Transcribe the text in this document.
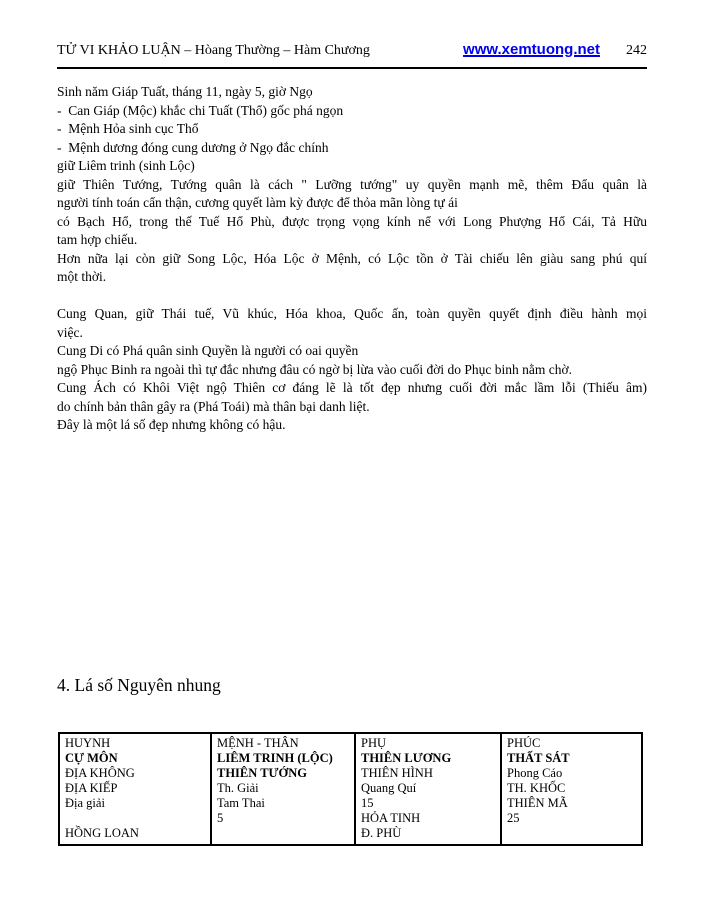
TỬ VI KHẢO LUẬN – Hòang Thường – Hàm Chương	www.xemtuong.net 242
Sinh năm Giáp Tuất, tháng 11, ngày 5, giờ Ngọ
-  Can Giáp (Mộc) khắc chi Tuất (Thổ) gốc phá ngọn
-  Mệnh Hỏa sinh cục Thổ
-  Mệnh dương đóng cung dương ở Ngọ đắc chính
giữ Liêm trinh (sinh Lộc)
giữ Thiên Tướng, Tướng quân là cách " Lưỡng tướng" uy quyền mạnh mẽ, thêm Đẩu quân là
người tính toán cẩn thận, cương quyết làm kỳ được để thỏa mãn lòng tự ái
có Bạch Hổ, trong thế Tuế Hổ Phù, được trọng vọng kính nể với Long Phượng Hổ Cái, Tả Hữu
tam hợp chiếu.
Hơn nữa lại còn giữ Song Lộc, Hóa Lộc ở Mệnh, có Lộc tồn ở Tài chiếu lên giàu sang phú quí
một thời.

Cung Quan, giữ Thái tuế, Vũ khúc, Hóa khoa, Quốc ấn, toàn quyền quyết định điều hành mọi
việc.
Cung Di có Phá quân sinh Quyền là người có oai quyền
ngộ Phục Binh ra ngoài thì tự đắc nhưng đâu có ngờ bị lừa vào cuối đời do Phục binh nằm chờ.
Cung Ách có Khôi Việt ngộ Thiên cơ đáng lẽ là tốt đẹp nhưng cuối đời mắc lầm lỗi (Thiếu âm)
do chính bản thân gây ra (Phá Toái) mà thân bại danh liệt.
Đây là một lá số đẹp nhưng không có hậu.
4. Lá số Nguyên nhung
HUYNH
CỰ MÔN
ĐỊA KHÔNG
ĐỊA KIẾP
Địa giải

HỒNG LOAN
MỆNH - THÂN
LIÊM TRINH (LỘC)
THIÊN TƯỚNG
Th. Giải
Tam Thai
5
PHỤ
THIÊN LƯƠNG
THIÊN HÌNH
Quang Quí
15
HỎA TINH
Đ. PHÙ
PHÚC
THẤT SÁT
Phong Cáo
TH. KHỐC
THIÊN MÃ
25
